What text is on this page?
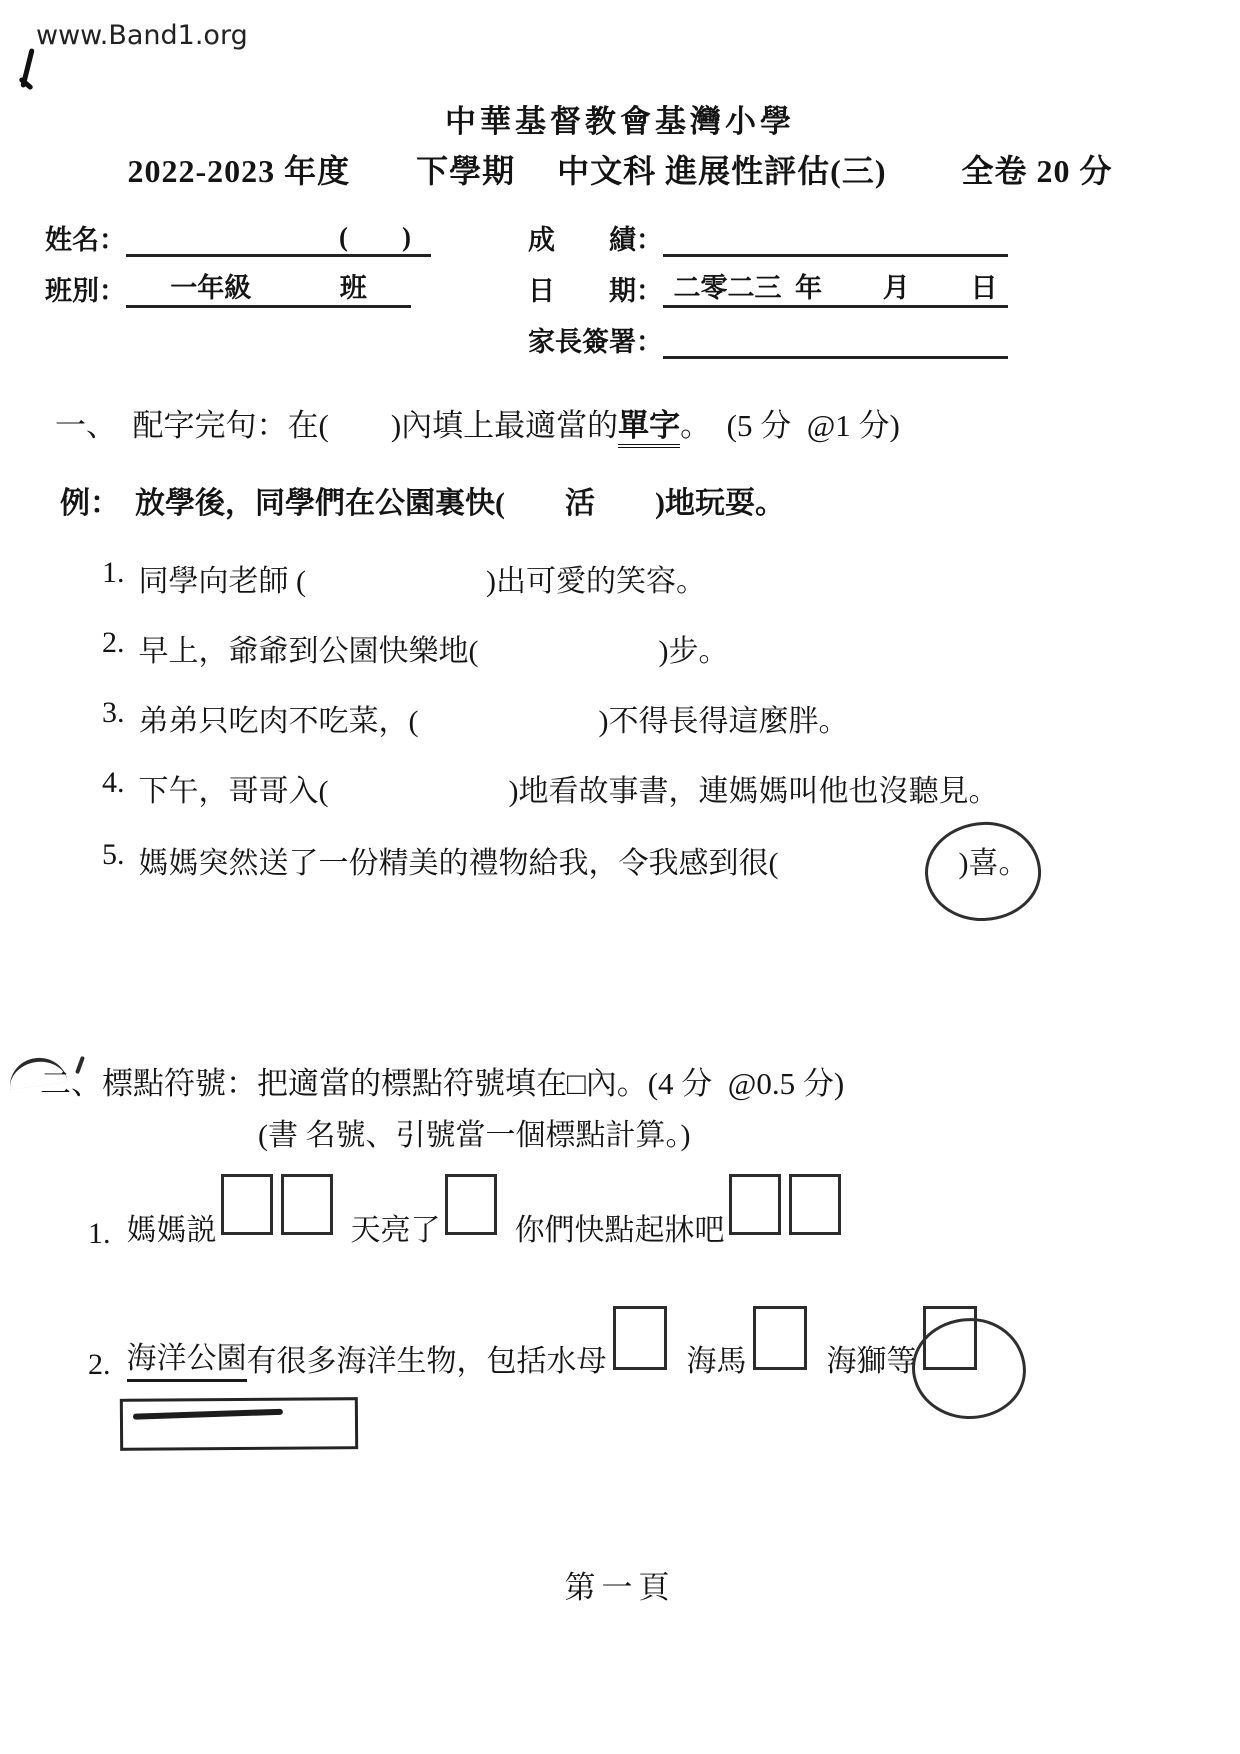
www.Band1.org
中華基督教會基灣小學
2022-2023 年度　　下學期　 中文科 進展性評估(三)　　 全卷 20 分
姓名：	(　　)
班別： 一年級	班
成　　績：
日　　期： 二零二三  年　　 月　　 日
家長簽署：
一、　配字完句：在(　　)內填上最適當的單字。  (5 分  @1 分)
例：　放學後，同學們在公園裏快(　　活　　)地玩耍。
1. 同學向老師 (　　　　　　)出可愛的笑容。
2. 早上，爺爺到公園快樂地(　　　　　　)步。
3. 弟弟只吃肉不吃菜，(　　　　　　)不得長得這麼胖。
4. 下午，哥哥入(　　　　　　)地看故事書，連媽媽叫他也沒聽見。
5. 媽媽突然送了一份精美的禮物給我，令我感到很(　　　　　　)喜。
二、標點符號：把適當的標點符號填在□內。(4 分  @0.5 分)
(書 名號、引號當一個標點計算。)
1. 媽媽説	天亮了 你們快點起牀吧
2. 海洋公園 有很多海洋生物，包括水母	海馬	海獅等
第一頁
